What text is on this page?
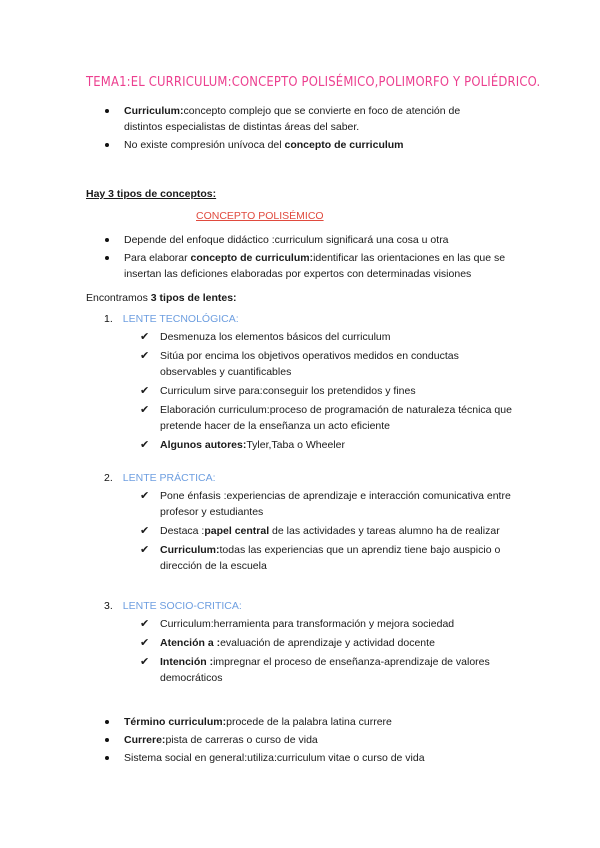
TEMA1:EL CURRICULUM:CONCEPTO POLISÉMICO,POLIMORFO Y POLIÉDRICO.
Curriculum:concepto complejo que se convierte en foco de atención de distintos especialistas de distintas áreas del saber.
No existe compresión unívoca del concepto de curriculum
Hay 3 tipos de conceptos:
CONCEPTO POLISÉMICO
Depende del enfoque didáctico :curriculum significará una cosa u otra
Para elaborar concepto de curriculum:identificar las orientaciones en las que se insertan las deficiones elaboradas por expertos con determinadas visiones
Encontramos 3 tipos de lentes:
1. LENTE TECNOLÓGICA:
✔ Desmenuza los elementos básicos del curriculum
✔ Sitúa por encima los objetivos operativos medidos en conductas observables y cuantificables
✔ Curriculum sirve para:conseguir los pretendidos y fines
✔ Elaboración curriculum:proceso de programación de naturaleza técnica que pretende hacer de la enseñanza un acto eficiente
✔ Algunos autores:Tyler,Taba o Wheeler
2. LENTE PRÁCTICA:
✔ Pone énfasis :experiencias de aprendizaje e interacción comunicativa entre profesor y estudiantes
✔ Destaca :papel central de las actividades y tareas alumno ha de realizar
✔ Curriculum:todas las experiencias que un aprendiz tiene bajo auspicio o dirección de la escuela
3. LENTE SOCIO-CRITICA:
✔ Curriculum:herramienta para transformación y mejora sociedad
✔ Atención a :evaluación de aprendizaje y actividad docente
✔ Intención :impregnar el proceso de enseñanza-aprendizaje de valores democráticos
Término curriculum:procede de la palabra latina currere
Currere:pista de carreras o curso de vida
Sistema social en general:utiliza:curriculum vitae o curso de vida
